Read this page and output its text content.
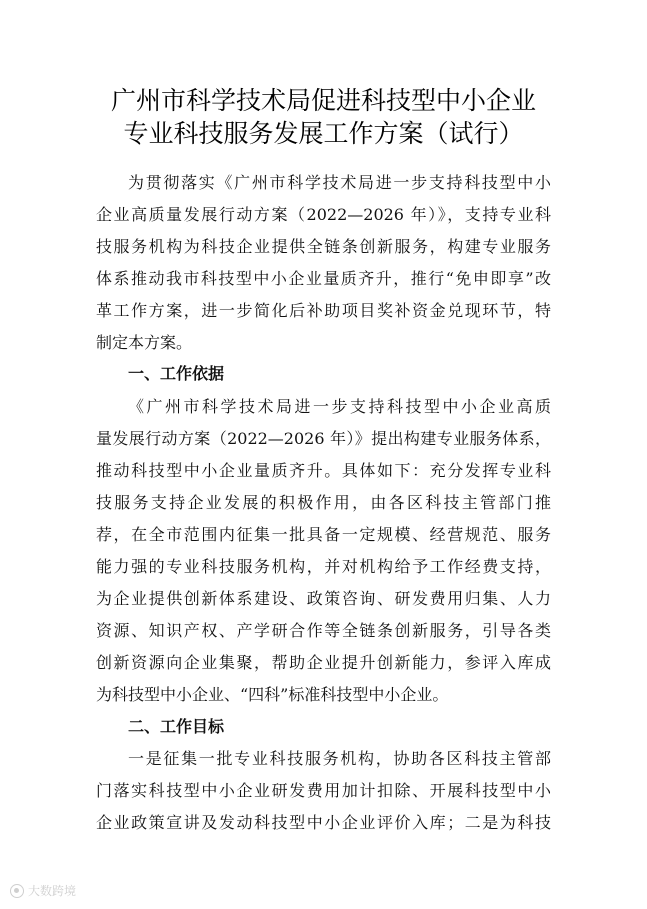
广州市科学技术局促进科技型中小企业
专业科技服务发展工作方案（试行）
为贯彻落实《广州市科学技术局进一步支持科技型中小
企业高质量发展行动方案（2022—2026 年）》，支持专业科
技服务机构为科技企业提供全链条创新服务，构建专业服务
体系推动我市科技型中小企业量质齐升，推行“免申即享”改
革工作方案，进一步简化后补助项目奖补资金兑现环节，特
制定本方案。
一、工作依据
《广州市科学技术局进一步支持科技型中小企业高质
量发展行动方案（2022—2026 年）》提出构建专业服务体系，
推动科技型中小企业量质齐升。具体如下：充分发挥专业科
技服务支持企业发展的积极作用，由各区科技主管部门推
荐，在全市范围内征集一批具备一定规模、经营规范、服务
能力强的专业科技服务机构，并对机构给予工作经费支持，
为企业提供创新体系建设、政策咨询、研发费用归集、人力
资源、知识产权、产学研合作等全链条创新服务，引导各类
创新资源向企业集聚，帮助企业提升创新能力，参评入库成
为科技型中小企业、“四科”标准科技型中小企业。
二、工作目标
一是征集一批专业科技服务机构，协助各区科技主管部
门落实科技型中小企业研发费用加计扣除、开展科技型中小
企业政策宣讲及发动科技型中小企业评价入库；二是为科技
大数跨境
